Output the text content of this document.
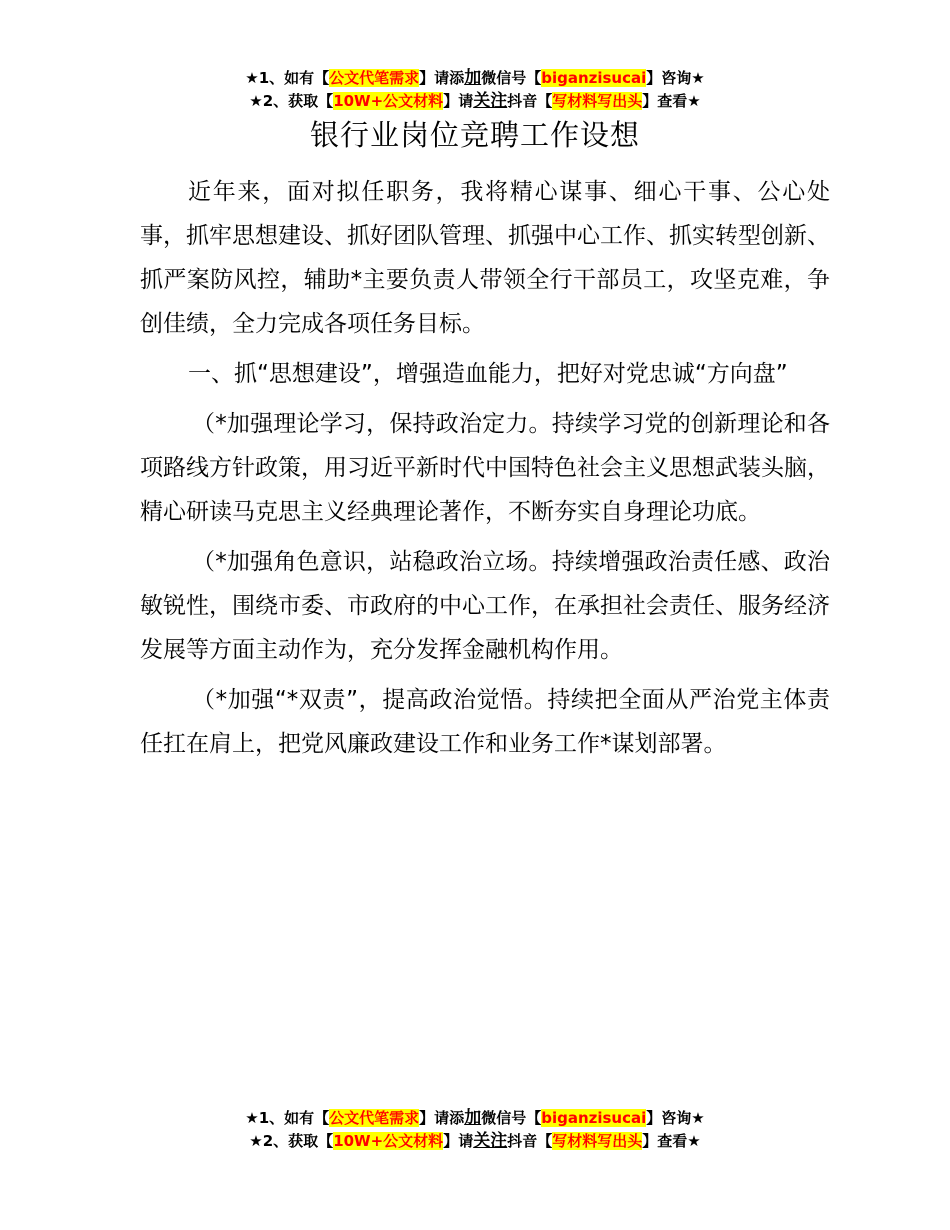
★1、如有【公文代笔需求】请添加微信号【biganzisucai】咨询★
★2、获取【10W+公文材料】请关注抖音【写材料写出头】查看★
银行业岗位竞聘工作设想

近年来，面对拟任职务，我将精心谋事、细心干事、公心处事，抓牢思想建设、抓好团队管理、抓强中心工作、抓实转型创新、抓严案防风控，辅助*主要负责人带领全行干部员工，攻坚克难，争创佳绩，全力完成各项任务目标。

一、抓“思想建设”，增强造血能力，把好对党忠诚“方向盘”

（*加强理论学习，保持政治定力。持续学习党的创新理论和各项路线方针政策，用习近平新时代中国特色社会主义思想武装头脑，精心研读马克思主义经典理论著作，不断夯实自身理论功底。

（*加强角色意识，站稳政治立场。持续增强政治责任感、政治敏锐性，围绕市委、市政府的中心工作，在承担社会责任、服务经济发展等方面主动作为，充分发挥金融机构作用。

（*加强“*双责”，提高政治觉悟。持续把全面从严治党主体责任扛在肩上，把党风廉政建设工作和业务工作*谋划部署。

★1、如有【公文代笔需求】请添加微信号【biganzisucai】咨询★
★2、获取【10W+公文材料】请关注抖音【写材料写出头】查看★
